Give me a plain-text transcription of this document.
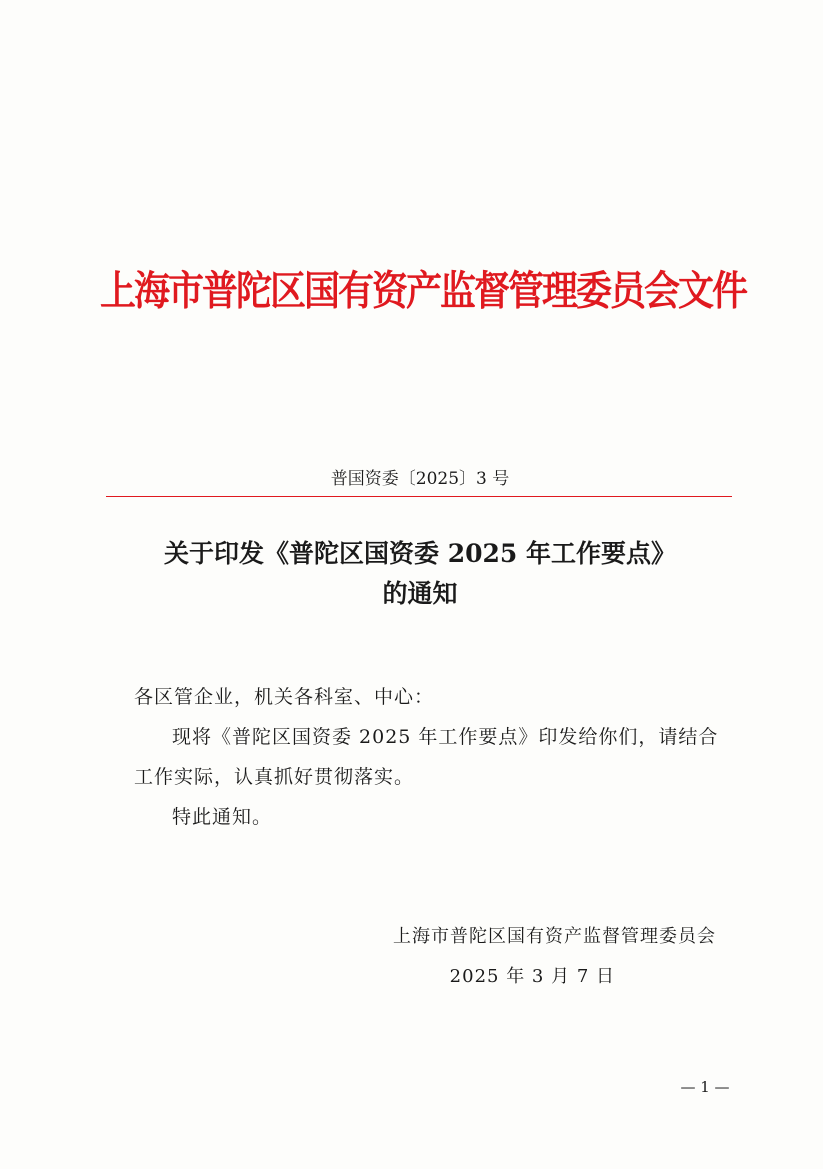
上海市普陀区国有资产监督管理委员会文件
普国资委〔2025〕3 号
关于印发《普陀区国资委 2025 年工作要点》
的通知

各区管企业，机关各科室、中心：

现将《普陀区国资委 2025 年工作要点》印发给你们，请结合工作实际，认真抓好贯彻落实。

特此通知。

上海市普陀区国有资产监督管理委员会
2025 年 3 月 7 日
— 1 —
